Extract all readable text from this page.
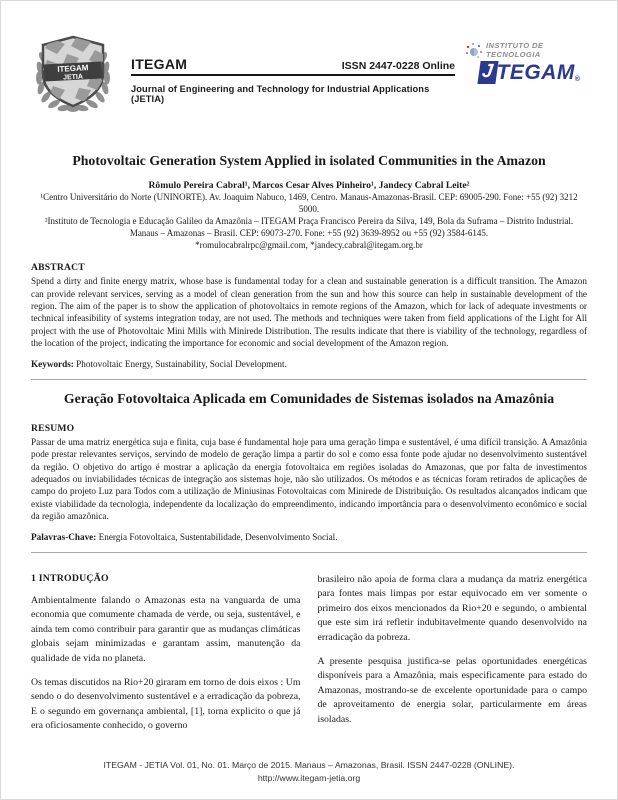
ITEGAM
JETIA
ITEGAM	ISSN 2447-0228 Online
Journal of Engineering and Technology for Industrial Applications (JETIA)
INSTITUTO DE
TECNOLOGIA
J TEGAM ®
Photovoltaic Generation System Applied in isolated Communities in the Amazon
Rômulo Pereira Cabral¹, Marcos Cesar Alves Pinheiro¹, Jandecy Cabral Leite²
¹Centro Universitário do Norte (UNINORTE). Av. Joaquim Nabuco, 1469, Centro. Manaus-Amazonas-Brasil. CEP: 69005-290. Fone: +55 (92) 3212 5000.
²Instituto de Tecnologia e Educação Galileo da Amazônia – ITEGAM Praça Francisco Pereira da Silva, 149, Bola da Suframa – Distrito Industrial. Manaus – Amazonas – Brasil. CEP: 69073-270. Fone: +55 (92) 3639-8952 ou +55 (92) 3584-6145.
*romulocabralrpc@gmail.com, *jandecy.cabral@itegam.org.br
ABSTRACT
Spend a dirty and finite energy matrix, whose base is fundamental today for a clean and sustainable generation is a difficult transition. The Amazon can provide relevant services, serving as a model of clean generation from the sun and how this source can help in sustainable development of the region. The aim of the paper is to show the application of photovoltaics in remote regions of the Amazon, which for lack of adequate investments or technical infeasibility of systems integration today, are not used. The methods and techniques were taken from field applications of the Light for All project with the use of Photovoltaic Mini Mills with Minirede Distribution. The results indicate that there is viability of the technology, regardless of the location of the project, indicating the importance for economic and social development of the Amazon region.
Keywords: Photovoltaic Energy, Sustainability, Social Development.
Geração Fotovoltaica Aplicada em Comunidades de Sistemas isolados na Amazônia
RESUMO
Passar de uma matriz energética suja e finita, cuja base é fundamental hoje para uma geração limpa e sustentável, é uma difícil transição. A Amazônia pode prestar relevantes serviços, servindo de modelo de geração limpa a partir do sol e como essa fonte pode ajudar no desenvolvimento sustentável da região. O objetivo do artigo é mostrar a aplicação da energia fotovoltaica em regiões isoladas do Amazonas, que por falta de investimentos adequados ou inviabilidades técnicas de integração aos sistemas hoje, não são utilizados. Os métodos e as técnicas foram retirados de aplicações de campo do projeto Luz para Todos com a utilização de Miniusinas Fotovoltaicas com Minirede de Distribuição. Os resultados alcançados indicam que existe viabilidade da tecnologia, independente da localização do empreendimento, indicando importância para o desenvolvimento econômico e social da região amazônica.
Palavras-Chave: Energia Fotovoltaica, Sustentabilidade, Desenvolvimento Social.
1 INTRODUÇÃO

Ambientalmente falando o Amazonas esta na vanguarda de uma economia que comumente chamada de verde, ou seja, sustentável, e ainda tem como contribuir para garantir que as mudanças climáticas globais sejam minimizadas e garantam assim, manutenção da qualidade de vida no planeta.

Os temas discutidos na Rio+20 giraram em torno de dois eixos : Um sendo o do desenvolvimento sustentável e a erradicação da pobreza, E o segundo em governança ambiental, [1], torna explicito o que já era oficiosamente conhecido, o governo

brasileiro não apoia de forma clara a mudança da matriz energética para fontes mais limpas por estar equivocado em ver somente o primeiro dos eixos mencionados da Rio+20 e segundo, o ambiental que este sim irá refletir indubitavelmente quando desenvolvido na erradicação da pobreza.

A presente pesquisa justifica-se pelas oportunidades energéticas disponíveis para a Amazônia, mais especificamente para estado do Amazonas, mostrando-se de excelente oportunidade para o campo de aproveitamento de energia solar, particularmente em áreas isoladas.

ITEGAM - JETIA Vol. 01, No. 01. Março de 2015. Manaus – Amazonas, Brasil. ISSN 2447-0228 (ONLINE).
http://www.itegam-jetia.org
